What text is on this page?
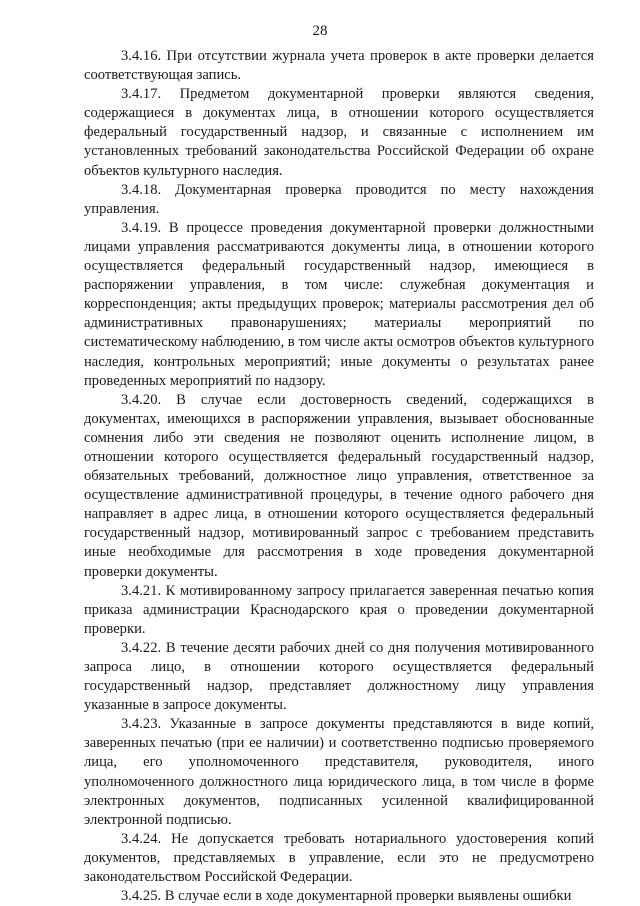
28

3.4.16. При отсутствии журнала учета проверок в акте проверки делается соответствующая запись.

3.4.17. Предметом документарной проверки являются сведения, содержащиеся в документах лица, в отношении которого осуществляется федеральный государственный надзор, и связанные с исполнением им установленных требований законодательства Российской Федерации об охране объектов культурного наследия.

3.4.18. Документарная проверка проводится по месту нахождения управления.

3.4.19. В процессе проведения документарной проверки должностными лицами управления рассматриваются документы лица, в отношении которого осуществляется федеральный государственный надзор, имеющиеся в распоряжении управления, в том числе: служебная документация и корреспонденция; акты предыдущих проверок; материалы рассмотрения дел об административных правонарушениях; материалы мероприятий по систематическому наблюдению, в том числе акты осмотров объектов культурного наследия, контрольных мероприятий; иные документы о результатах ранее проведенных мероприятий по надзору.

3.4.20. В случае если достоверность сведений, содержащихся в документах, имеющихся в распоряжении управления, вызывает обоснованные сомнения либо эти сведения не позволяют оценить исполнение лицом, в отношении которого осуществляется федеральный государственный надзор, обязательных требований, должностное лицо управления, ответственное за осуществление административной процедуры, в течение одного рабочего дня направляет в адрес лица, в отношении которого осуществляется федеральный государственный надзор, мотивированный запрос с требованием представить иные необходимые для рассмотрения в ходе проведения документарной проверки документы.

3.4.21. К мотивированному запросу прилагается заверенная печатью копия приказа администрации Краснодарского края о проведении документарной проверки.

3.4.22. В течение десяти рабочих дней со дня получения мотивированного запроса лицо, в отношении которого осуществляется федеральный государственный надзор, представляет должностному лицу управления указанные в запросе документы.

3.4.23. Указанные в запросе документы представляются в виде копий, заверенных печатью (при ее наличии) и соответственно подписью проверяемого лица, его уполномоченного представителя, руководителя, иного уполномоченного должностного лица юридического лица, в том числе в форме электронных документов, подписанных усиленной квалифицированной электронной подписью.

3.4.24. Не допускается требовать нотариального удостоверения копий документов, представляемых в управление, если это не предусмотрено законодательством Российской Федерации.

3.4.25. В случае если в ходе документарной проверки выявлены ошибки
